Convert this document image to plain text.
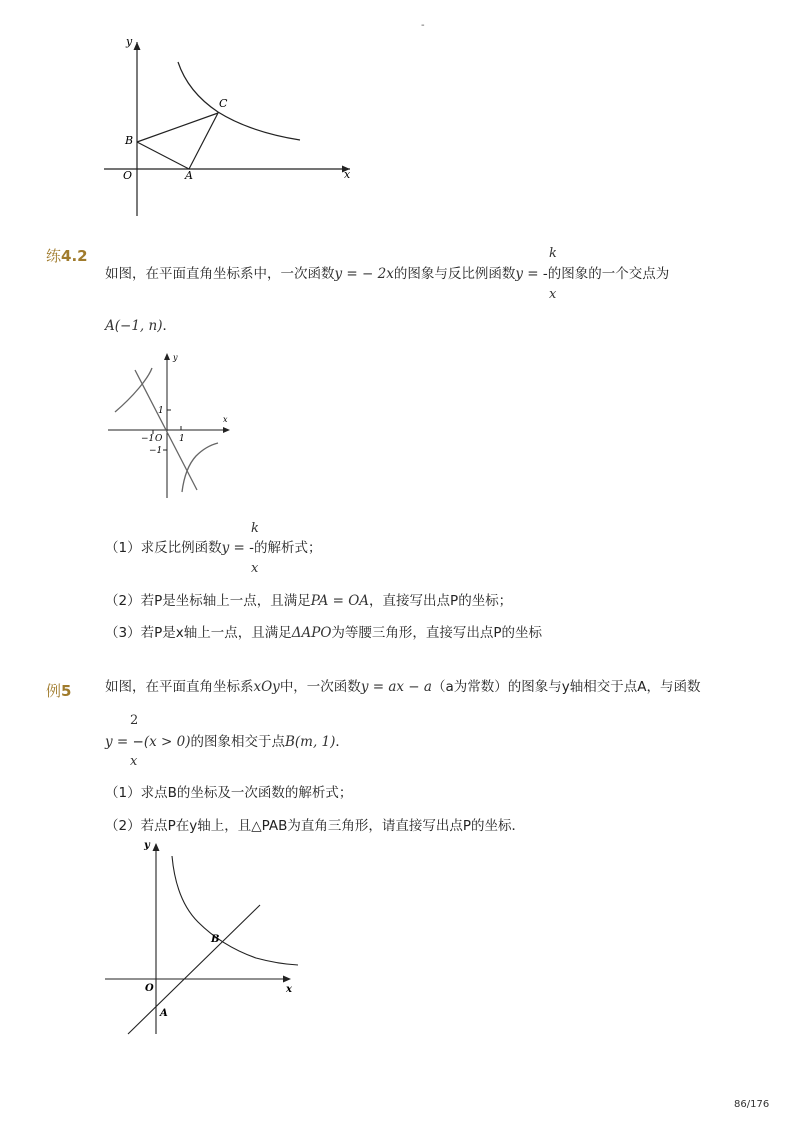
-
y
x
O	A
B
C
练4.2	k
如图，在平面直角坐标系中，一次函数y = − 2x的图象与反比例函数y = -的图象的一个交点为
x
A(−1, n)．
y
x
O
1
−1	1
−1
k
（1）求反比例函数y = -的解析式；
x
（2）若P是坐标轴上一点，且满足PA = OA，直接写出点P的坐标；
（3）若P是x轴上一点，且满足ΔAPO为等腰三角形，直接写出点P的坐标
例5 如图，在平面直角坐标系xOy中，一次函数y = ax − a（a为常数）的图象与y轴相交于点A，与函数
2
y = −(x > 0)的图象相交于点B(m, 1)．
x
（1）求点B的坐标及一次函数的解析式；
（2）若点P在y轴上，且△PAB为直角三角形，请直接写出点P的坐标．
y
x
O
A
B
86/176
